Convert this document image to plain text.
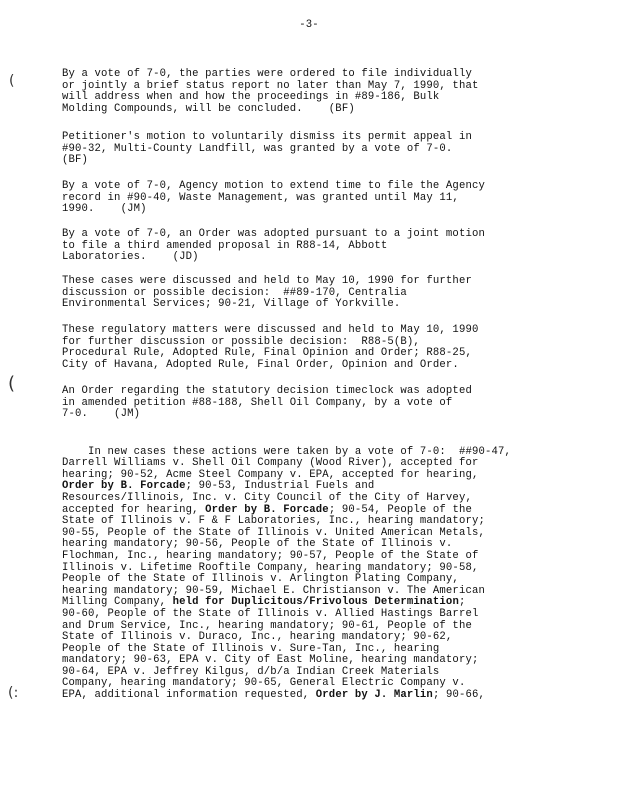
-3-

By a vote of 7-0, the parties were ordered to file individually
or jointly a brief status report no later than May 7, 1990, that
will address when and how the proceedings in #89-186, Bulk
Molding Compounds, will be concluded.    (BF)

Petitioner's motion to voluntarily dismiss its permit appeal in
#90-32, Multi-County Landfill, was granted by a vote of 7-0.
(BF)

By a vote of 7-0, Agency motion to extend time to file the Agency
record in #90-40, Waste Management, was granted until May 11,
1990.    (JM)

By a vote of 7-0, an Order was adopted pursuant to a joint motion
to file a third amended proposal in R88-14, Abbott
Laboratories.    (JD)

These cases were discussed and held to May 10, 1990 for further
discussion or possible decision:  ##89-170, Centralia
Environmental Services; 90-21, Village of Yorkville.

These regulatory matters were discussed and held to May 10, 1990
for further discussion or possible decision:  R88-5(B),
Procedural Rule, Adopted Rule, Final Opinion and Order; R88-25,
City of Havana, Adopted Rule, Final Order, Opinion and Order.

An Order regarding the statutory decision timeclock was adopted
in amended petition #88-188, Shell Oil Company, by a vote of
7-0.    (JM)

In new cases these actions were taken by a vote of 7-0:  ##90-47,
Darrell Williams v. Shell Oil Company (Wood River), accepted for
hearing; 90-52, Acme Steel Company v. EPA, accepted for hearing,
Order by B. Forcade; 90-53, Industrial Fuels and
Resources/Illinois, Inc. v. City Council of the City of Harvey,
accepted for hearing, Order by B. Forcade; 90-54, People of the
State of Illinois v. F & F Laboratories, Inc., hearing mandatory;
90-55, People of the State of Illinois v. United American Metals,
hearing mandatory; 90-56, People of the State of Illinois v.
Flochman, Inc., hearing mandatory; 90-57, People of the State of
Illinois v. Lifetime Rooftile Company, hearing mandatory; 90-58,
People of the State of Illinois v. Arlington Plating Company,
hearing mandatory; 90-59, Michael E. Christianson v. The American
Milling Company, held for Duplicitous/Frivolous Determination;
90-60, People of the State of Illinois v. Allied Hastings Barrel
and Drum Service, Inc., hearing mandatory; 90-61, People of the
State of Illinois v. Duraco, Inc., hearing mandatory; 90-62,
People of the State of Illinois v. Sure-Tan, Inc., hearing
mandatory; 90-63, EPA v. City of East Moline, hearing mandatory;
90-64, EPA v. Jeffrey Kilgus, d/b/a Indian Creek Materials
Company, hearing mandatory; 90-65, General Electric Company v.
EPA, additional information requested, Order by J. Marlin; 90-66,

(
(
(:
